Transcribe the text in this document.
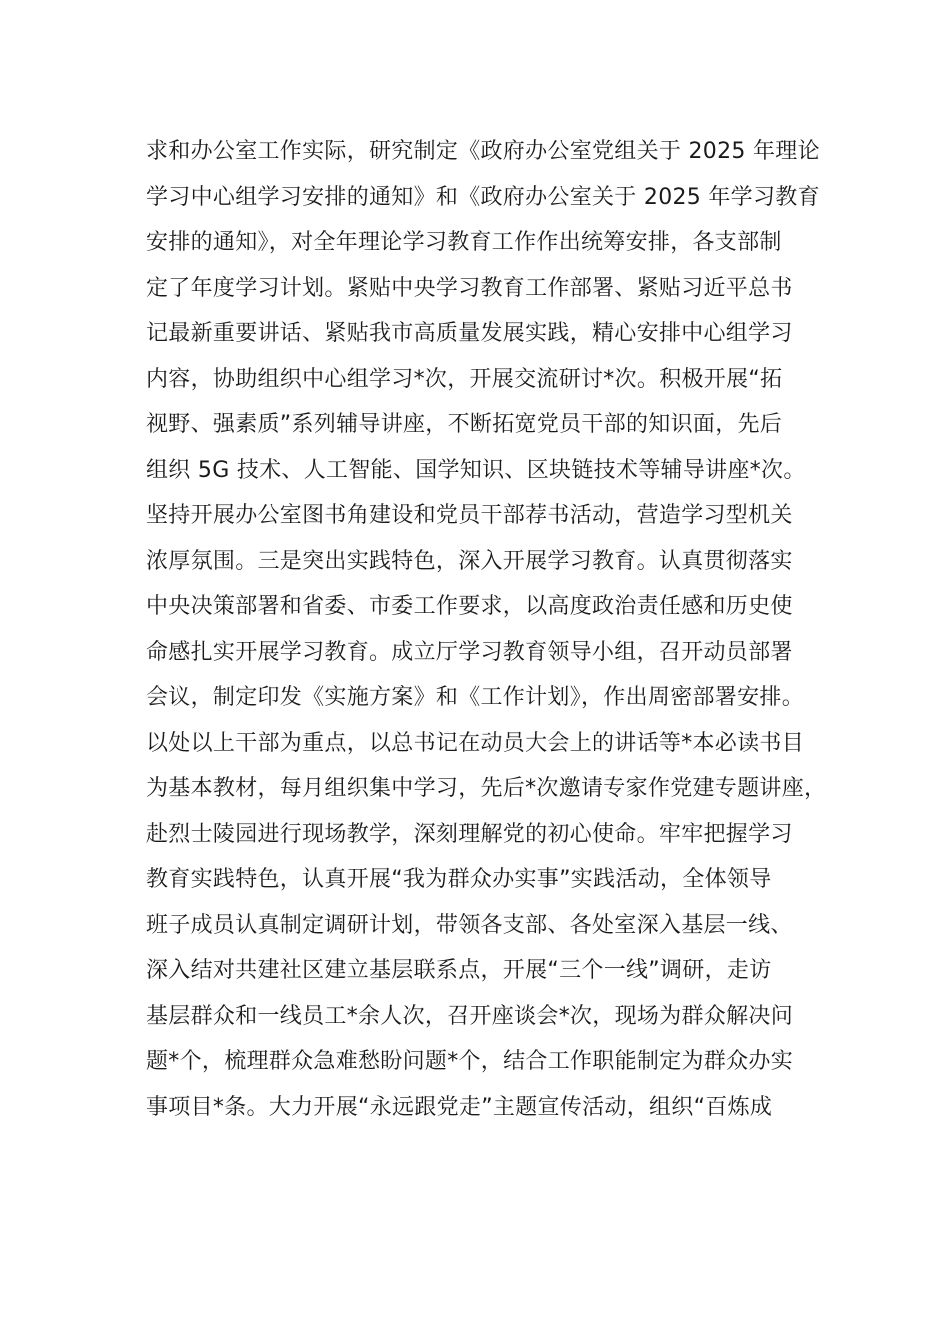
求和办公室工作实际，研究制定《政府办公室党组关于 2025 年理论
学习中心组学习安排的通知》和《政府办公室关于 2025 年学习教育
安排的通知》，对全年理论学习教育工作作出统筹安排，各支部制
定了年度学习计划。紧贴中央学习教育工作部署、紧贴习近平总书
记最新重要讲话、紧贴我市高质量发展实践，精心安排中心组学习
内容，协助组织中心组学习*次，开展交流研讨*次。积极开展“拓
视野、强素质”系列辅导讲座，不断拓宽党员干部的知识面，先后
组织 5G 技术、人工智能、国学知识、区块链技术等辅导讲座*次。
坚持开展办公室图书角建设和党员干部荐书活动，营造学习型机关
浓厚氛围。三是突出实践特色，深入开展学习教育。认真贯彻落实
中央决策部署和省委、市委工作要求，以高度政治责任感和历史使
命感扎实开展学习教育。成立厅学习教育领导小组，召开动员部署
会议，制定印发《实施方案》和《工作计划》，作出周密部署安排。
以处以上干部为重点，以总书记在动员大会上的讲话等*本必读书目
为基本教材，每月组织集中学习，先后*次邀请专家作党建专题讲座，
赴烈士陵园进行现场教学，深刻理解党的初心使命。牢牢把握学习
教育实践特色，认真开展“我为群众办实事”实践活动，全体领导
班子成员认真制定调研计划，带领各支部、各处室深入基层一线、
深入结对共建社区建立基层联系点，开展“三个一线”调研，走访
基层群众和一线员工*余人次，召开座谈会*次，现场为群众解决问
题*个，梳理群众急难愁盼问题*个，结合工作职能制定为群众办实
事项目*条。大力开展“永远跟党走”主题宣传活动，组织“百炼成
